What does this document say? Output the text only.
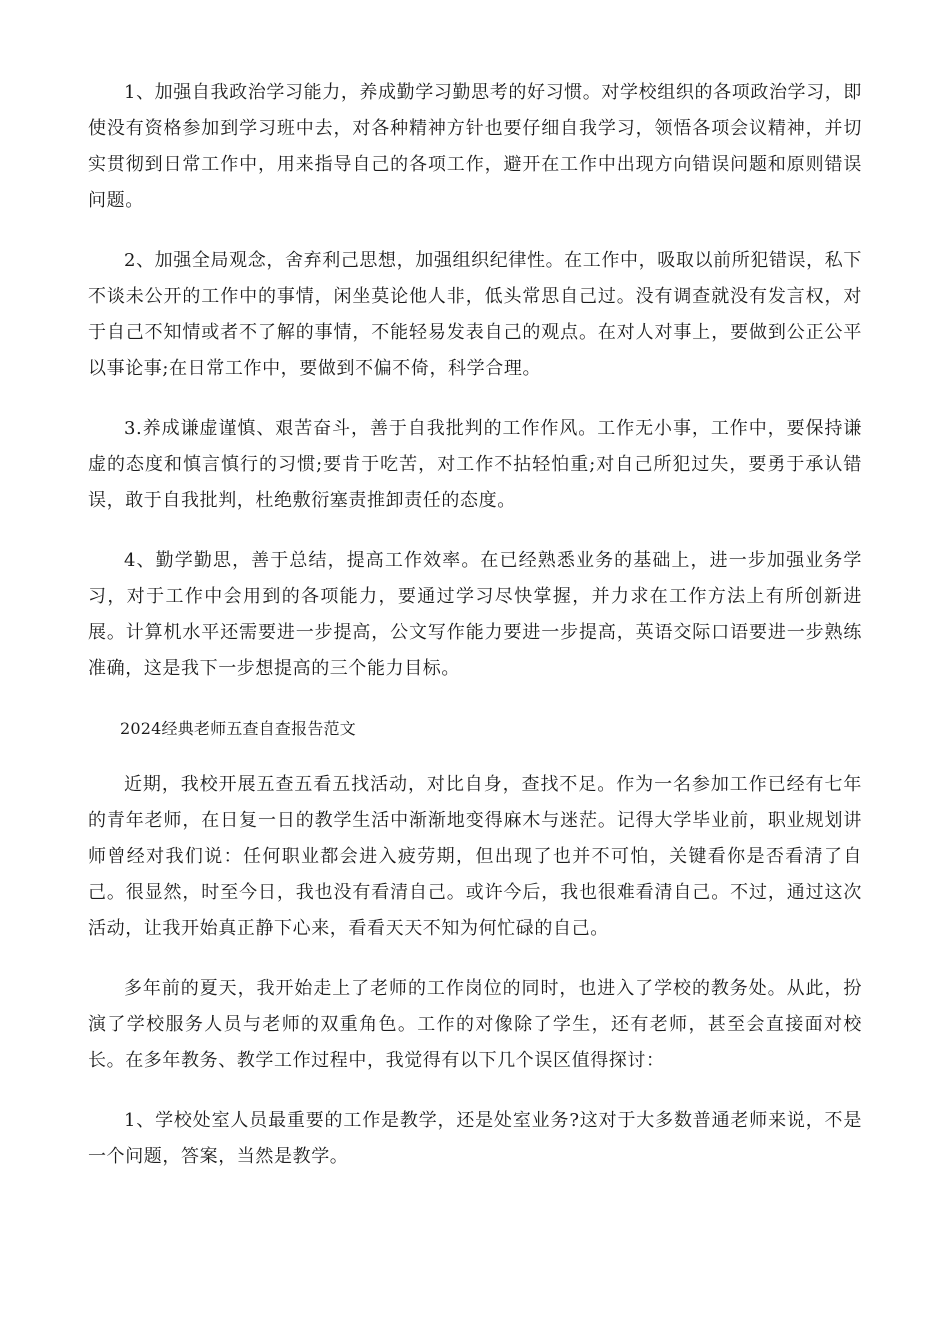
1、加强自我政治学习能力，养成勤学习勤思考的好习惯。对学校组织的各项政治学习，即使没有资格参加到学习班中去，对各种精神方针也要仔细自我学习，领悟各项会议精神，并切实贯彻到日常工作中，用来指导自己的各项工作，避开在工作中出现方向错误问题和原则错误问题。

2、加强全局观念，舍弃利己思想，加强组织纪律性。在工作中，吸取以前所犯错误，私下不谈未公开的工作中的事情，闲坐莫论他人非，低头常思自己过。没有调查就没有发言权，对于自己不知情或者不了解的事情，不能轻易发表自己的观点。在对人对事上，要做到公正公平以事论事;在日常工作中，要做到不偏不倚，科学合理。

3.养成谦虚谨慎、艰苦奋斗，善于自我批判的工作作风。工作无小事，工作中，要保持谦虚的态度和慎言慎行的习惯;要肯于吃苦，对工作不拈轻怕重;对自己所犯过失，要勇于承认错误，敢于自我批判，杜绝敷衍塞责推卸责任的态度。

4、勤学勤思，善于总结，提高工作效率。在已经熟悉业务的基础上，进一步加强业务学习，对于工作中会用到的各项能力，要通过学习尽快掌握，并力求在工作方法上有所创新进展。计算机水平还需要进一步提高，公文写作能力要进一步提高，英语交际口语要进一步熟练准确，这是我下一步想提高的三个能力目标。

2024经典老师五查自查报告范文

近期，我校开展五查五看五找活动，对比自身，查找不足。作为一名参加工作已经有七年的青年老师，在日复一日的教学生活中渐渐地变得麻木与迷茫。记得大学毕业前，职业规划讲师曾经对我们说：任何职业都会进入疲劳期，但出现了也并不可怕，关键看你是否看清了自己。很显然，时至今日，我也没有看清自己。或许今后，我也很难看清自己。不过，通过这次活动，让我开始真正静下心来，看看天天不知为何忙碌的自己。

多年前的夏天，我开始走上了老师的工作岗位的同时，也进入了学校的教务处。从此，扮演了学校服务人员与老师的双重角色。工作的对像除了学生，还有老师，甚至会直接面对校长。在多年教务、教学工作过程中，我觉得有以下几个误区值得探讨：

1、学校处室人员最重要的工作是教学，还是处室业务?这对于大多数普通老师来说，不是一个问题，答案，当然是教学。
